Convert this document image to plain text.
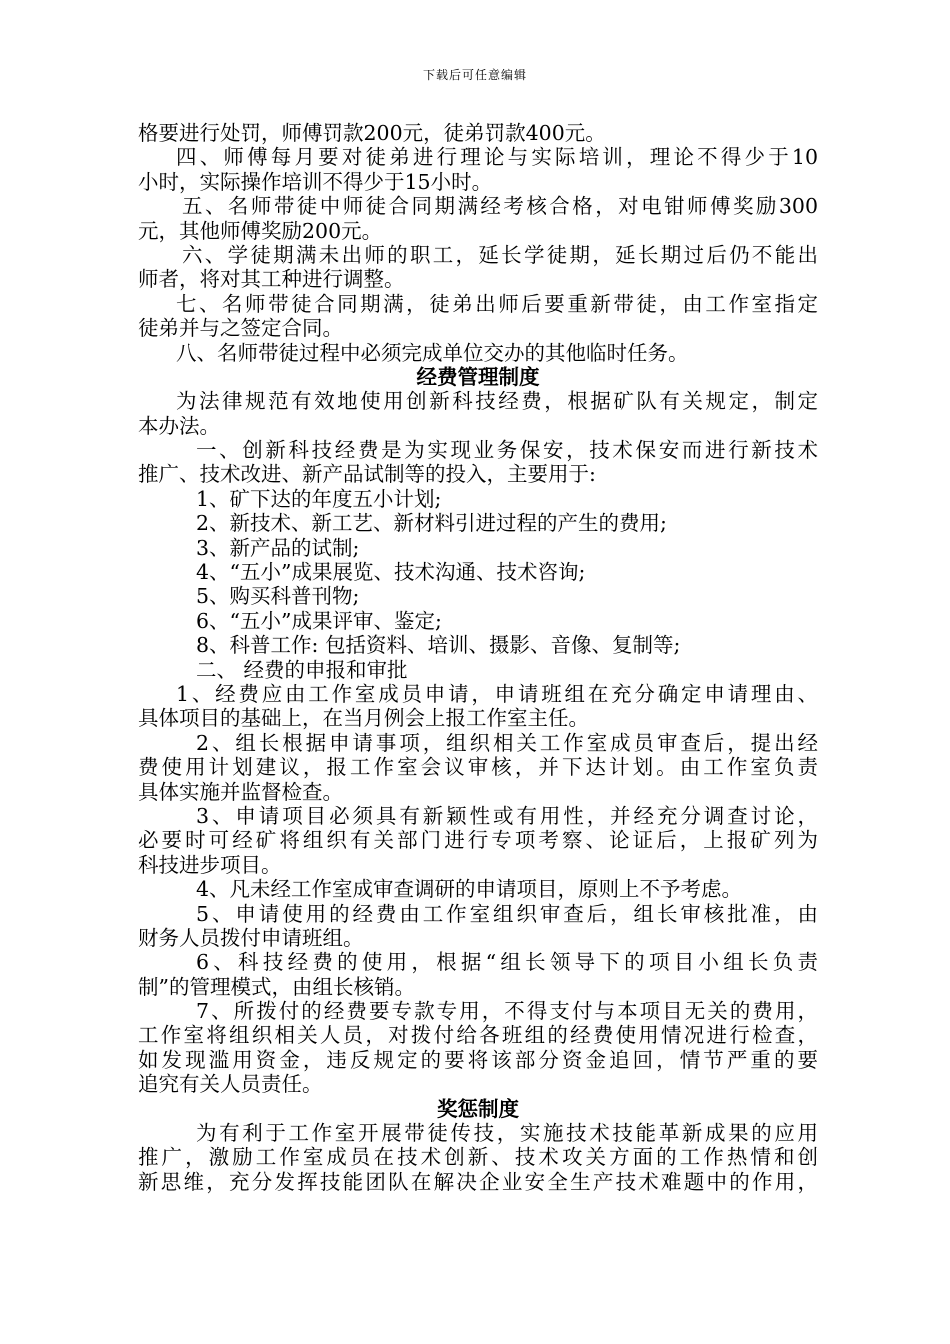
下载后可任意编辑
格要进行处罚，师傅罚款200元，徒弟罚款400元。
四、师傅每月要对徒弟进行理论与实际培训，理论不得少于10
小时，实际操作培训不得少于15小时。
五、名师带徒中师徒合同期满经考核合格，对电钳师傅奖励300
元，其他师傅奖励200元。
六、学徒期满未出师的职工，延长学徒期，延长期过后仍不能出
师者，将对其工种进行调整。
七、名师带徒合同期满，徒弟出师后要重新带徒，由工作室指定
徒弟并与之签定合同。
八、名师带徒过程中必须完成单位交办的其他临时任务。
经费管理制度
为法律规范有效地使用创新科技经费，根据矿队有关规定，制定
本办法。
一、创新科技经费是为实现业务保安，技术保安而进行新技术
推广、技术改进、新产品试制等的投入，主要用于:
1、矿下达的年度五小计划;
2、新技术、新工艺、新材料引进过程的产生的费用;
3、新产品的试制;
4、“五小”成果展览、技术沟通、技术咨询;
5、购买科普刊物;
6、“五小”成果评审、鉴定;
8、科普工作: 包括资料、培训、摄影、音像、复制等;
二、 经费的申报和审批
1、经费应由工作室成员申请，申请班组在充分确定申请理由、
具体项目的基础上，在当月例会上报工作室主任。
2、组长根据申请事项，组织相关工作室成员审查后，提出经
费使用计划建议，报工作室会议审核，并下达计划。由工作室负责
具体实施并监督检查。
3、申请项目必须具有新颖性或有用性，并经充分调查讨论，
必要时可经矿将组织有关部门进行专项考察、论证后，上报矿列为
科技进步项目。
4、凡未经工作室成审查调研的申请项目，原则上不予考虑。
5、申请使用的经费由工作室组织审查后，组长审核批准，由
财务人员拨付申请班组。
6、科技经费的使用，根据“组长领导下的项目小组长负责
制”的管理模式，由组长核销。
7、所拨付的经费要专款专用，不得支付与本项目无关的费用，
工作室将组织相关人员，对拨付给各班组的经费使用情况进行检查，
如发现滥用资金，违反规定的要将该部分资金追回，情节严重的要
追究有关人员责任。
奖惩制度
为有利于工作室开展带徒传技，实施技术技能革新成果的应用
推广，激励工作室成员在技术创新、技术攻关方面的工作热情和创
新思维，充分发挥技能团队在解决企业安全生产技术难题中的作用，
